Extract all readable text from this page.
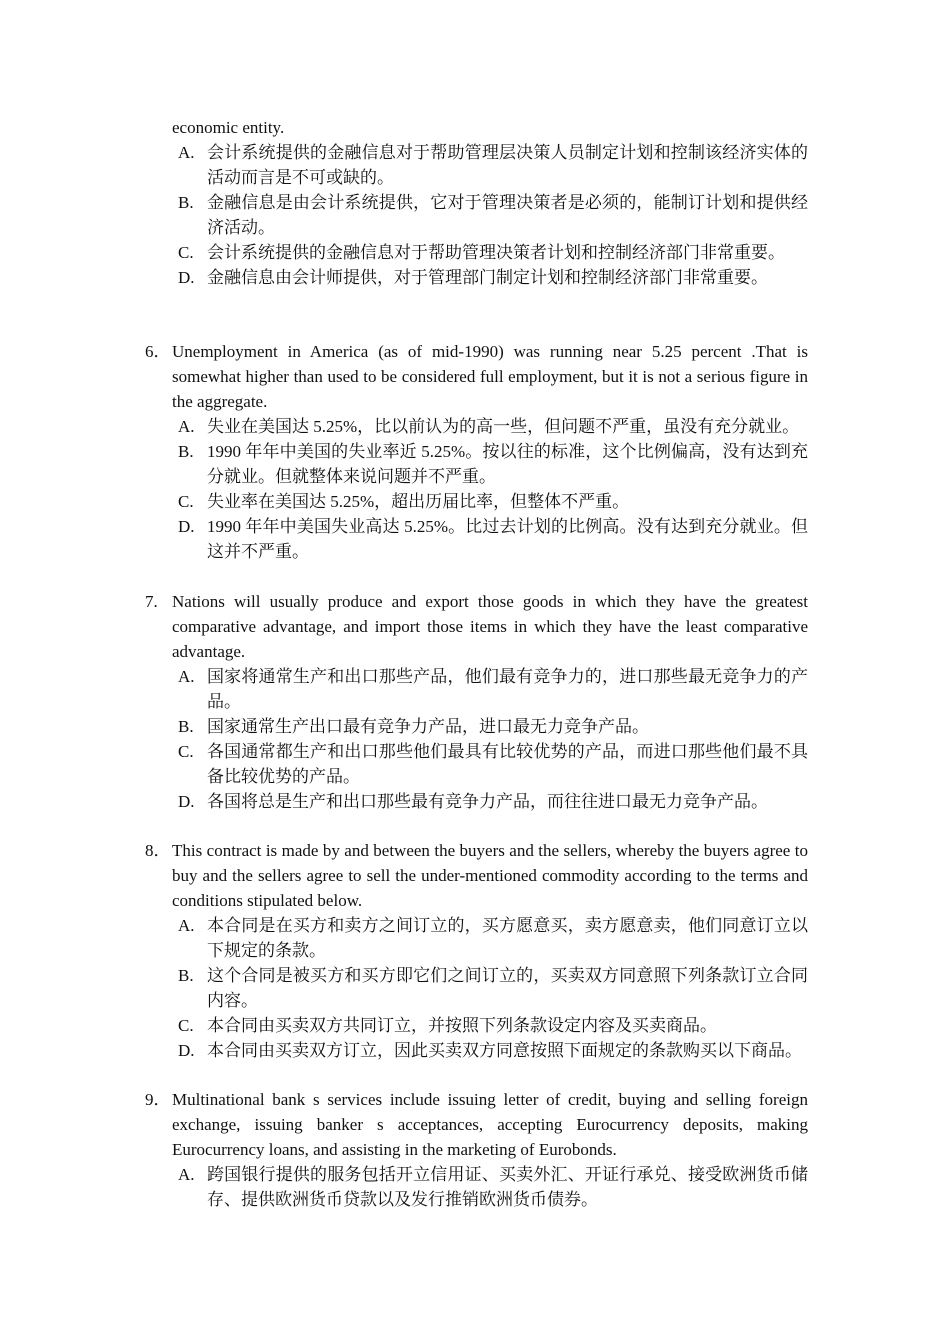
economic entity.
A. 会计系统提供的金融信息对于帮助管理层决策人员制定计划和控制该经济实体的活动而言是不可或缺的。
B. 金融信息是由会计系统提供，它对于管理决策者是必须的，能制订计划和提供经济活动。
C. 会计系统提供的金融信息对于帮助管理决策者计划和控制经济部门非常重要。
D. 金融信息由会计师提供，对于管理部门制定计划和控制经济部门非常重要。
6． Unemployment in America (as of mid-1990) was running near 5.25 percent .That is somewhat higher than used to be considered full employment, but it is not a serious figure in the aggregate.
A. 失业在美国达 5.25%，比以前认为的高一些，但问题不严重，虽没有充分就业。
B. 1990 年年中美国的失业率近 5.25%。按以往的标准，这个比例偏高，没有达到充分就业。但就整体来说问题并不严重。
C. 失业率在美国达 5.25%，超出历届比率，但整体不严重。
D. 1990 年年中美国失业高达 5.25%。比过去计划的比例高。没有达到充分就业。但这并不严重。
7. Nations will usually produce and export those goods in which they have the greatest comparative advantage, and import those items in which they have the least comparative advantage.
A. 国家将通常生产和出口那些产品，他们最有竞争力的，进口那些最无竞争力的产品。
B. 国家通常生产出口最有竞争力产品，进口最无力竞争产品。
C. 各国通常都生产和出口那些他们最具有比较优势的产品，而进口那些他们最不具备比较优势的产品。
D. 各国将总是生产和出口那些最有竞争力产品，而往往进口最无力竞争产品。
8． This contract is made by and between the buyers and the sellers, whereby the buyers agree to buy and the sellers agree to sell the under-mentioned commodity according to the terms and conditions stipulated below.
A. 本合同是在买方和卖方之间订立的，买方愿意买，卖方愿意卖，他们同意订立以下规定的条款。
B. 这个合同是被买方和买方即它们之间订立的，买卖双方同意照下列条款订立合同内容。
C. 本合同由买卖双方共同订立，并按照下列条款设定内容及买卖商品。
D. 本合同由买卖双方订立，因此买卖双方同意按照下面规定的条款购买以下商品。
9． Multinational bank s services include issuing letter of credit, buying and selling foreign exchange, issuing banker s acceptances, accepting Eurocurrency deposits, making Eurocurrency loans, and assisting in the marketing of Eurobonds.
A. 跨国银行提供的服务包括开立信用证、买卖外汇、开证行承兑、接受欧洲货币储存、提供欧洲货币贷款以及发行推销欧洲货币债券。
